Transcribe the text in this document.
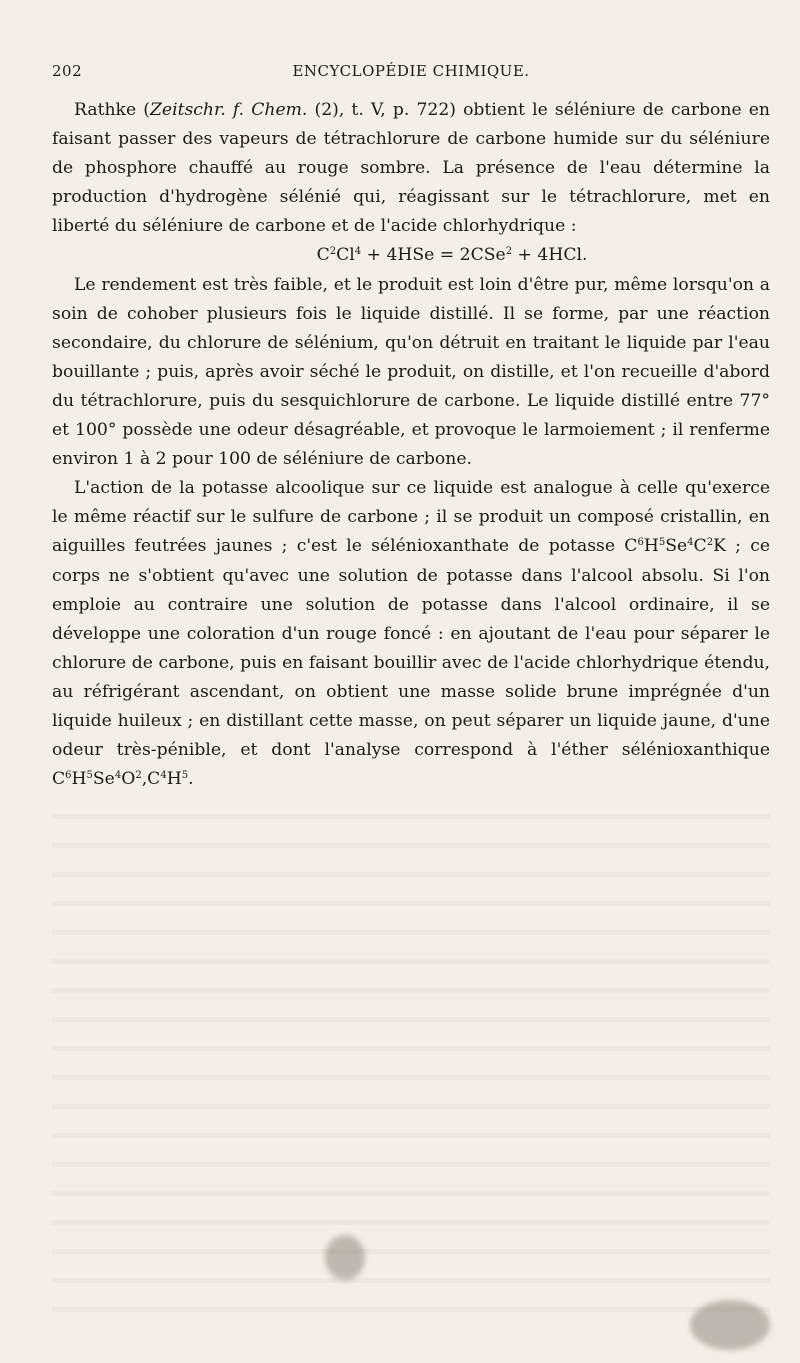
202	ENCYCLOPÉDIE CHIMIQUE.

Rathke (Zeitschr. f. Chem. (2), t. V, p. 722) obtient le séléniure de carbone en faisant passer des vapeurs de tétrachlorure de carbone humide sur du séléniure de phosphore chauffé au rouge sombre. La présence de l'eau détermine la production d'hydrogène sélénié qui, réagissant sur le tétrachlorure, met en liberté du séléniure de carbone et de l'acide chlorhydrique :

$C^2Cl^4 + 4HSe = 2CSe^2 + 4HCl$.

Le rendement est très faible, et le produit est loin d'être pur, même lorsqu'on a soin de cohober plusieurs fois le liquide distillé. Il se forme, par une réaction secondaire, du chlorure de sélénium, qu'on détruit en traitant le liquide par l'eau bouillante ; puis, après avoir séché le produit, on distille, et l'on recueille d'abord du tétrachlorure, puis du sesquichlorure de carbone. Le liquide distillé entre 77° et 100° possède une odeur désagréable, et provoque le larmoiement ; il renferme environ 1 à 2 pour 100 de séléniure de carbone.

L'action de la potasse alcoolique sur ce liquide est analogue à celle qu'exerce le même réactif sur le sulfure de carbone ; il se produit un composé cristallin, en aiguilles feutrées jaunes ; c'est le sélénioxanthate de potasse $C^6H^5Se^4C^2K$ ; ce corps ne s'obtient qu'avec une solution de potasse dans l'alcool absolu. Si l'on emploie au contraire une solution de potasse dans l'alcool ordinaire, il se développe une coloration d'un rouge foncé : en ajoutant de l'eau pour séparer le chlorure de carbone, puis en faisant bouillir avec de l'acide chlorhydrique étendu, au réfrigérant ascendant, on obtient une masse solide brune imprégnée d'un liquide huileux ; en distillant cette masse, on peut séparer un liquide jaune, d'une odeur très-pénible, et dont l'analyse correspond à l'éther sélénioxanthique $C^6H^5Se^4O^2,C^4H^5$.
